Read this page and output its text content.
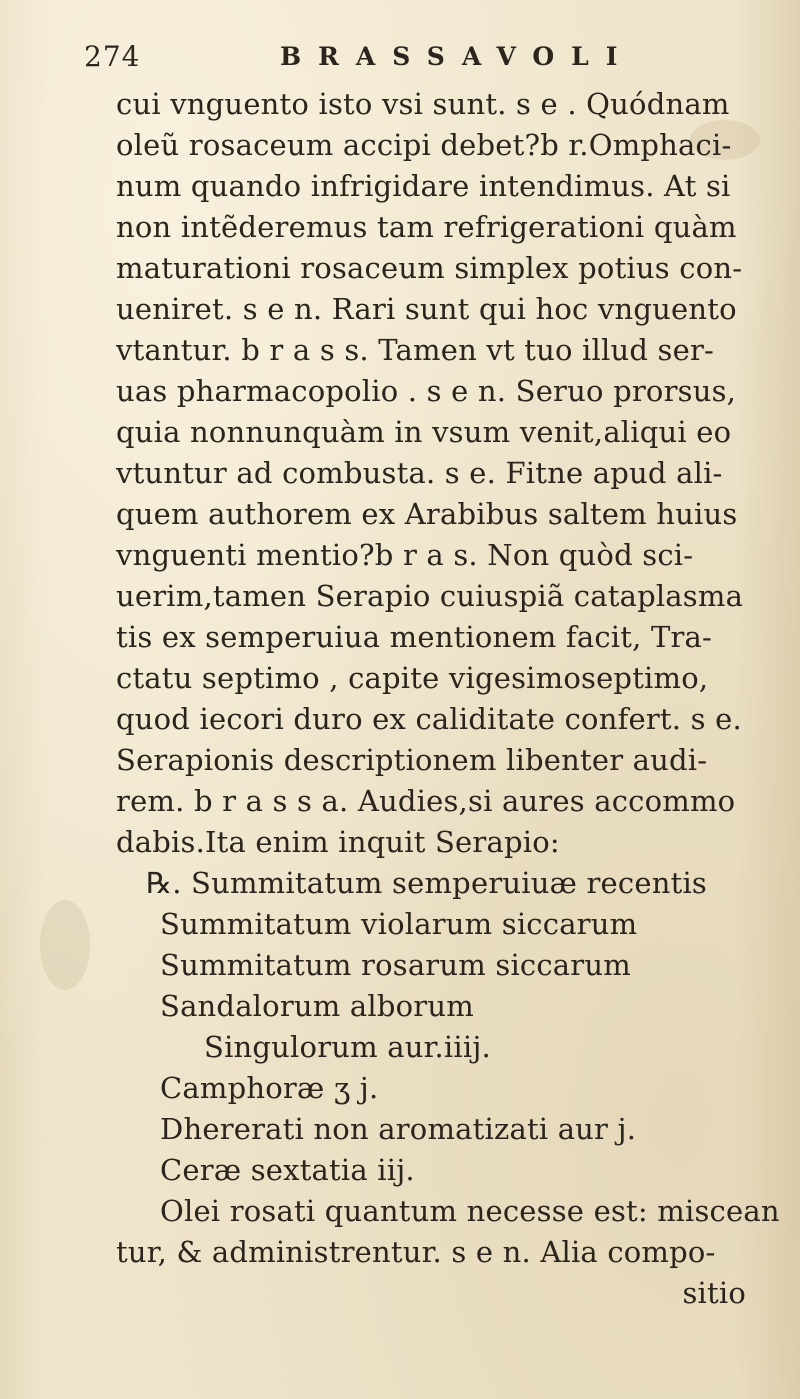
274	BRASSAVOLI
cui vnguento isto vsi sunt. s e . Quódnam
oleũ rosaceum accipi debet?b r.Omphaci-
num quando infrigidare intendimus. At si
non intẽderemus tam refrigerationi quàm
maturationi rosaceum simplex potius con-
ueniret. s e n. Rari sunt qui hoc vnguento
vtantur. b r a s s. Tamen vt tuo illud ser-
uas pharmacopolio . s e n. Seruo prorsus,
quia nonnunquàm in vsum venit,aliqui eo
vtuntur ad combusta. s e. Fitne apud ali-
quem authorem ex Arabibus saltem huius
vnguenti mentio?b r a s. Non quòd sci-
uerim,tamen Serapio cuiuspiã cataplasma
tis ex semperuiua mentionem facit, Tra-
ctatu septimo , capite vigesimoseptimo,
quod iecori duro ex caliditate confert. s e.
Serapionis descriptionem libenter audi-
rem. b r a s s a. Audies,si aures accommo
dabis.Ita enim inquit Serapio:
℞. Summitatum semperuiuæ recentis
Summitatum violarum siccarum
Summitatum rosarum siccarum
Sandalorum alborum
Singulorum aur.iiij.
Camphoræ ʒ j.
Dhererati non aromatizati aur j.
Ceræ sextatia iij.
Olei rosati quantum necesse est: miscean
tur, & administrentur. s e n. Alia compo-
sitio
